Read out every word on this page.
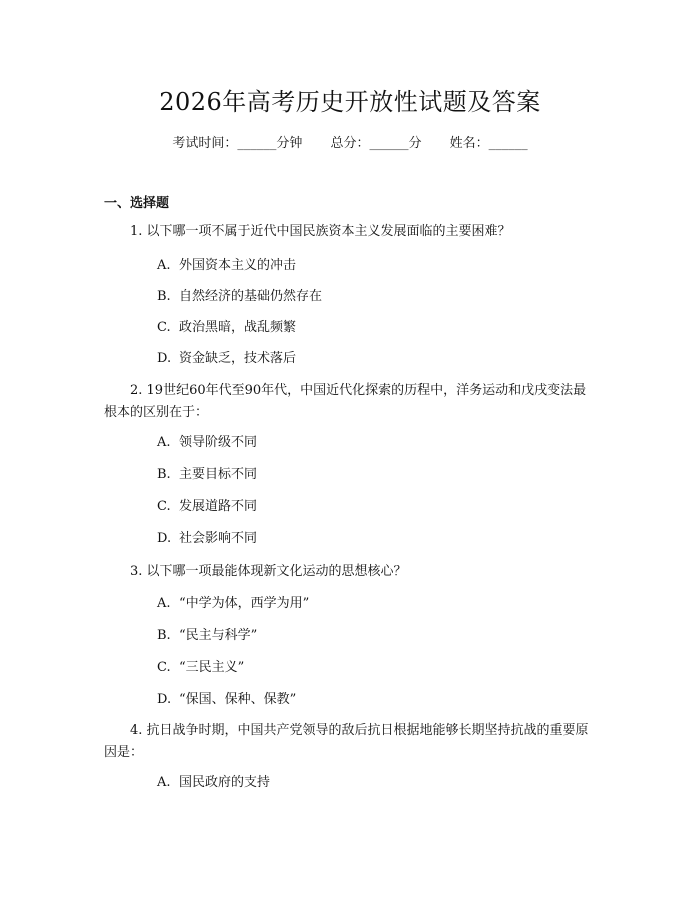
2026年高考历史开放性试题及答案
考试时间：______分钟 总分：______分 姓名：______
一、选择题
1. 以下哪一项不属于近代中国民族资本主义发展面临的主要困难？
A. 外国资本主义的冲击
B. 自然经济的基础仍然存在
C. 政治黑暗，战乱频繁
D. 资金缺乏，技术落后
2. 19世纪60年代至90年代，中国近代化探索的历程中，洋务运动和戊戌变法最根本的区别在于：
A. 领导阶级不同
B. 主要目标不同
C. 发展道路不同
D. 社会影响不同
3. 以下哪一项最能体现新文化运动的思想核心？
A. “中学为体，西学为用”
B. “民主与科学”
C. “三民主义”
D. “保国、保种、保教”
4. 抗日战争时期，中国共产党领导的敌后抗日根据地能够长期坚持抗战的重要原因是：
A. 国民政府的支持
